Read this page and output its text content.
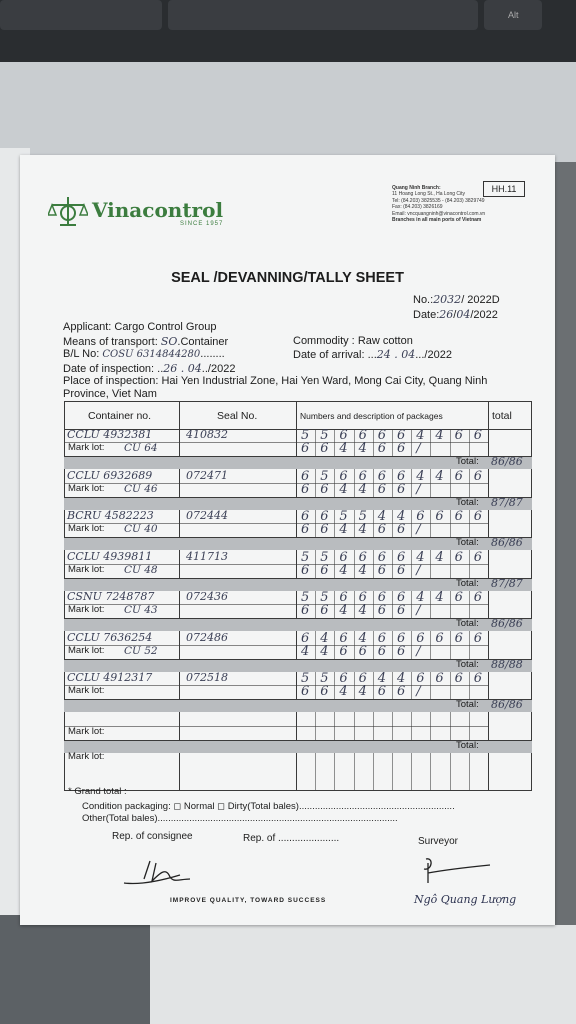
Alt
Vinacontrol
SINCE 1957
HH.11
Quang Ninh Branch:
11 Hoang Long St., Ha Long City
Tel: (84.203) 3825535 - (84.203) 3829749
Fax: (84.203) 3826169
Email: vncquangninh@vinacontrol.com.vn
Branches in all main ports of Vietnam
SEAL /DEVANNING/TALLY SHEET
No.:2032/ 2022D
Date:26/04/2022
Applicant: Cargo Control Group
Means of transport: SO.Container	Commodity : Raw cotton
B/L No: COSU 6314844280........	Date of arrival: ...24 . 04.../2022
Date of inspection: ..26 . 04../2022
Place of inspection: Hai Yen Industrial Zone, Hai Yen Ward, Mong Cai City, Quang Ninh Province, Viet Nam
Container no.	Seal No.	Numbers and description of packages	total
CCLU 4932381	410832
Mark lot: CU 64
5 5 6 6 6 6 4 4 6 6
6 6 4 4 6 6 /
Total: 86/86
CCLU 6932689	072471
Mark lot: CU 46
6 5 6 6 6 6 4 4 6 6
6 6 4 4 6 6 /
Total: 87/87
BCRU 4582223	072444
Mark lot: CU 40
6 6 5 5 4 4 6 6 6 6
6 6 4 4 6 6 /
Total: 86/86
CCLU 4939811	411713
Mark lot: CU 48
5 5 6 6 6 6 4 4 6 6
6 6 4 4 6 6 /
Total: 87/87
CSNU 7248787	072436
Mark lot: CU 43
5 5 6 6 6 6 4 4 6 6
6 6 4 4 6 6 /
Total: 86/86
CCLU 7636254	072486
Mark lot: CU 52
6 4 6 4 6 6 6 6 6 6
4 4 6 6 6 6 /
Total: 88/88
CCLU 4912317	072518
Mark lot:
5 5 6 6 4 4 6 6 6 6
6 6 4 4 6 6 /
Total: 86/86
Mark lot:
Total:
Mark lot:
* Grand total :
Condition packaging: ◻ Normal ◻ Dirty(Total bales)...........................................................
Other(Total bales)...........................................................................................
Rep. of consignee	Rep. of ......................	Surveyor
Ngô Quang Lượng
IMPROVE QUALITY, TOWARD SUCCESS
